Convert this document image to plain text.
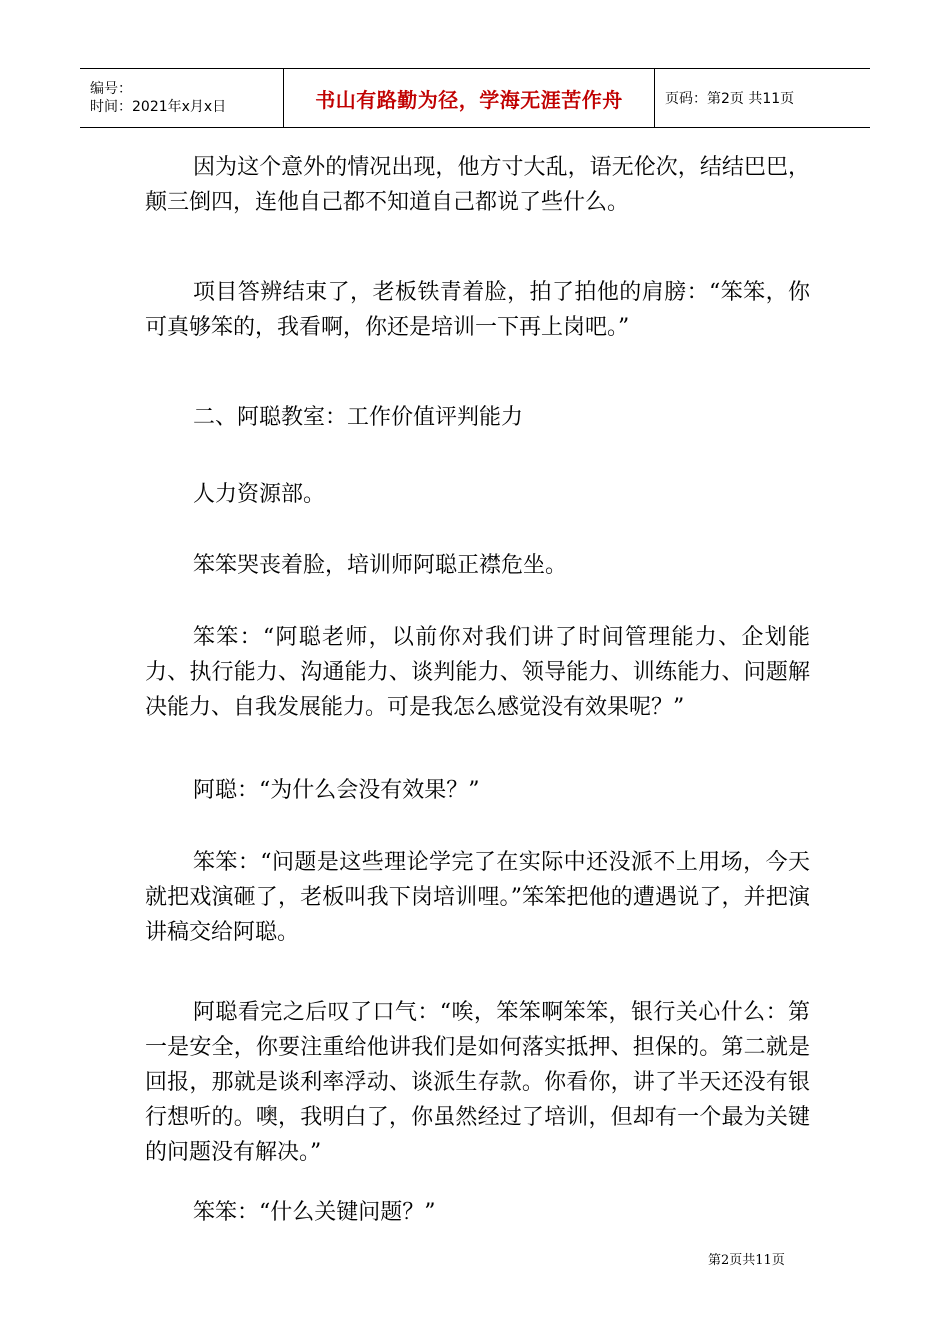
编号：
时间：2021年x月x日	书山有路勤为径，学海无涯苦作舟	页码：第2页 共11页

因为这个意外的情况出现，他方寸大乱，语无伦次，结结巴巴，颠三倒四，连他自己都不知道自己都说了些什么。

项目答辨结束了，老板铁青着脸，拍了拍他的肩膀：“笨笨，你可真够笨的，我看啊，你还是培训一下再上岗吧。”

二、阿聪教室：工作价值评判能力

人力资源部。

笨笨哭丧着脸，培训师阿聪正襟危坐。

笨笨：“阿聪老师，以前你对我们讲了时间管理能力、企划能力、执行能力、沟通能力、谈判能力、领导能力、训练能力、问题解决能力、自我发展能力。可是我怎么感觉没有效果呢？”

阿聪：“为什么会没有效果？”

笨笨：“问题是这些理论学完了在实际中还没派不上用场，今天就把戏演砸了，老板叫我下岗培训哩。”笨笨把他的遭遇说了，并把演讲稿交给阿聪。

阿聪看完之后叹了口气：“唉，笨笨啊笨笨，银行关心什么：第一是安全，你要注重给他讲我们是如何落实抵押、担保的。第二就是回报，那就是谈利率浮动、谈派生存款。你看你，讲了半天还没有银行想听的。噢，我明白了，你虽然经过了培训，但却有一个最为关键的问题没有解决。”

笨笨：“什么关键问题？”

第2页共11页
